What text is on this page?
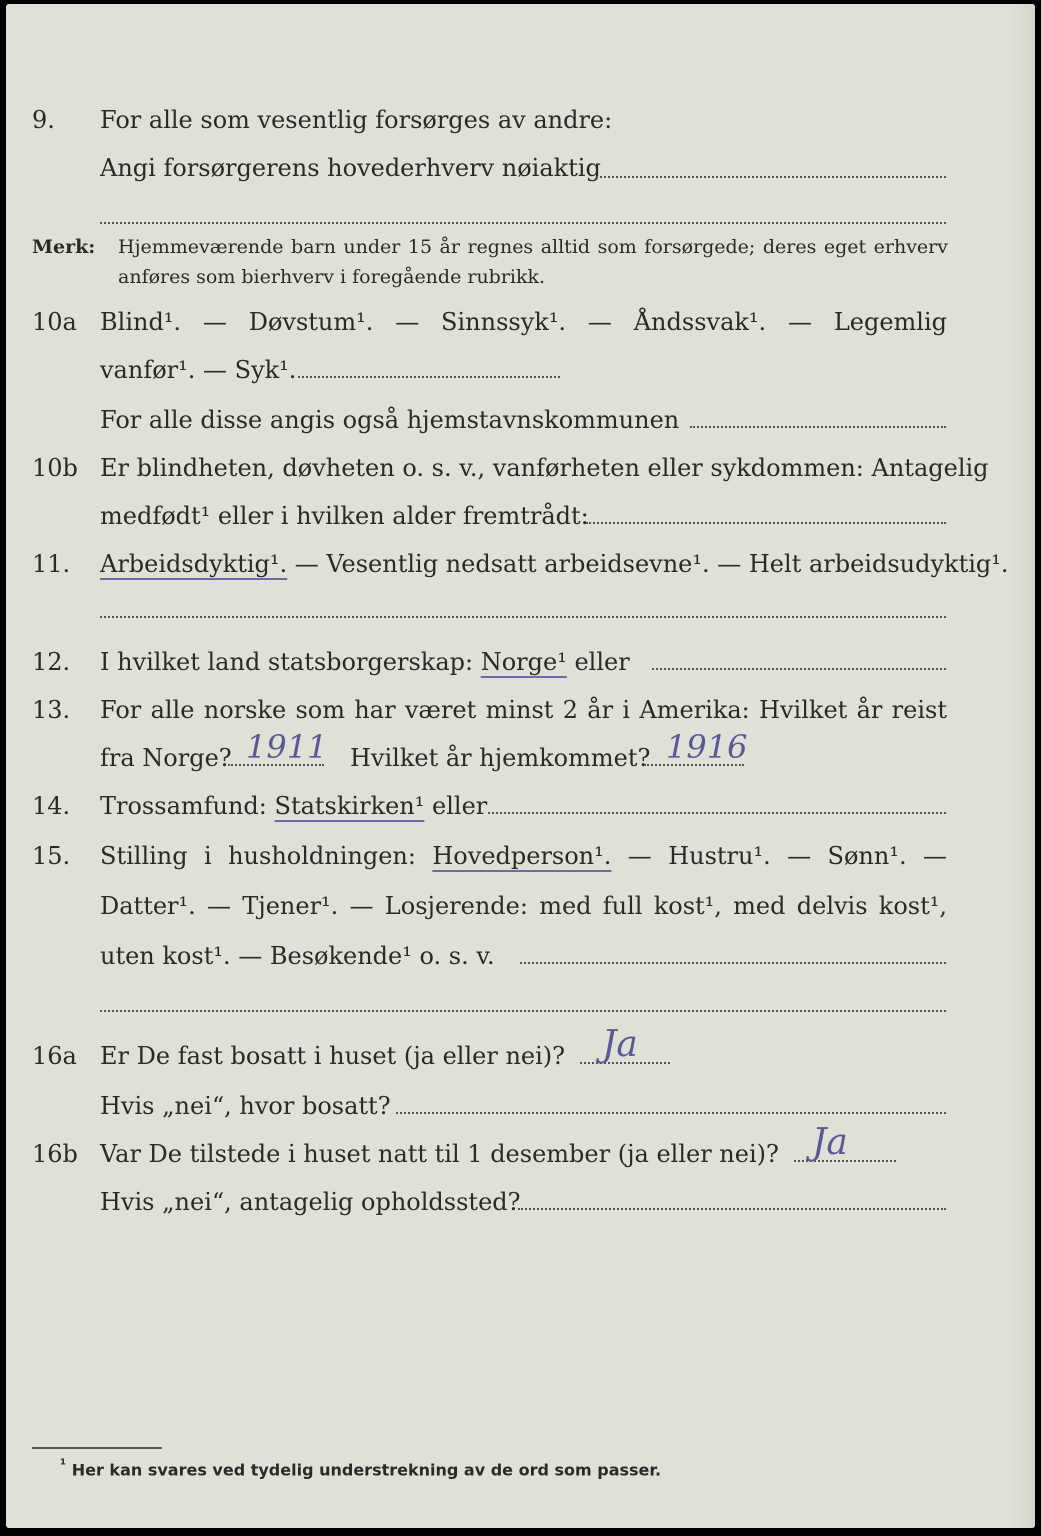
9. For alle som vesentlig forsørges av andre:
Angi forsørgerens hovederhverv nøiaktig
Merk: Hjemmeværende barn under 15 år regnes alltid som forsørgede; deres eget erhverv
anføres som bierhverv i foregående rubrikk.
10a Blind¹. — Døvstum¹. — Sinnssyk¹. — Åndssvak¹. — Legemlig
vanfør¹. — Syk¹.
For alle disse angis også hjemstavnskommunen
10b Er blindheten, døvheten o. s. v., vanførheten eller sykdommen: Antagelig
medfødt¹ eller i hvilken alder fremtrådt:
11. Arbeidsdyktig¹. — Vesentlig nedsatt arbeidsevne¹. — Helt arbeidsudyktig¹.
12. I hvilket land statsborgerskap: Norge¹ eller
13. For alle norske som har været minst 2 år i Amerika: Hvilket år reist
fra Norge? 1911 Hvilket år hjemkommet? 1916
14. Trossamfund: Statskirken¹ eller
15. Stilling i husholdningen: Hovedperson¹. — Hustru¹. — Sønn¹. —
Datter¹. — Tjener¹. — Losjerende: med full kost¹, med delvis kost¹,
uten kost¹. — Besøkende¹ o. s. v.
16a Er De fast bosatt i huset (ja eller nei)? Ja
Hvis „nei“, hvor bosatt?
16b Var De tilstede i huset natt til 1 desember (ja eller nei)? Ja
Hvis „nei“, antagelig opholdssted?
¹ Her kan svares ved tydelig understrekning av de ord som passer.
